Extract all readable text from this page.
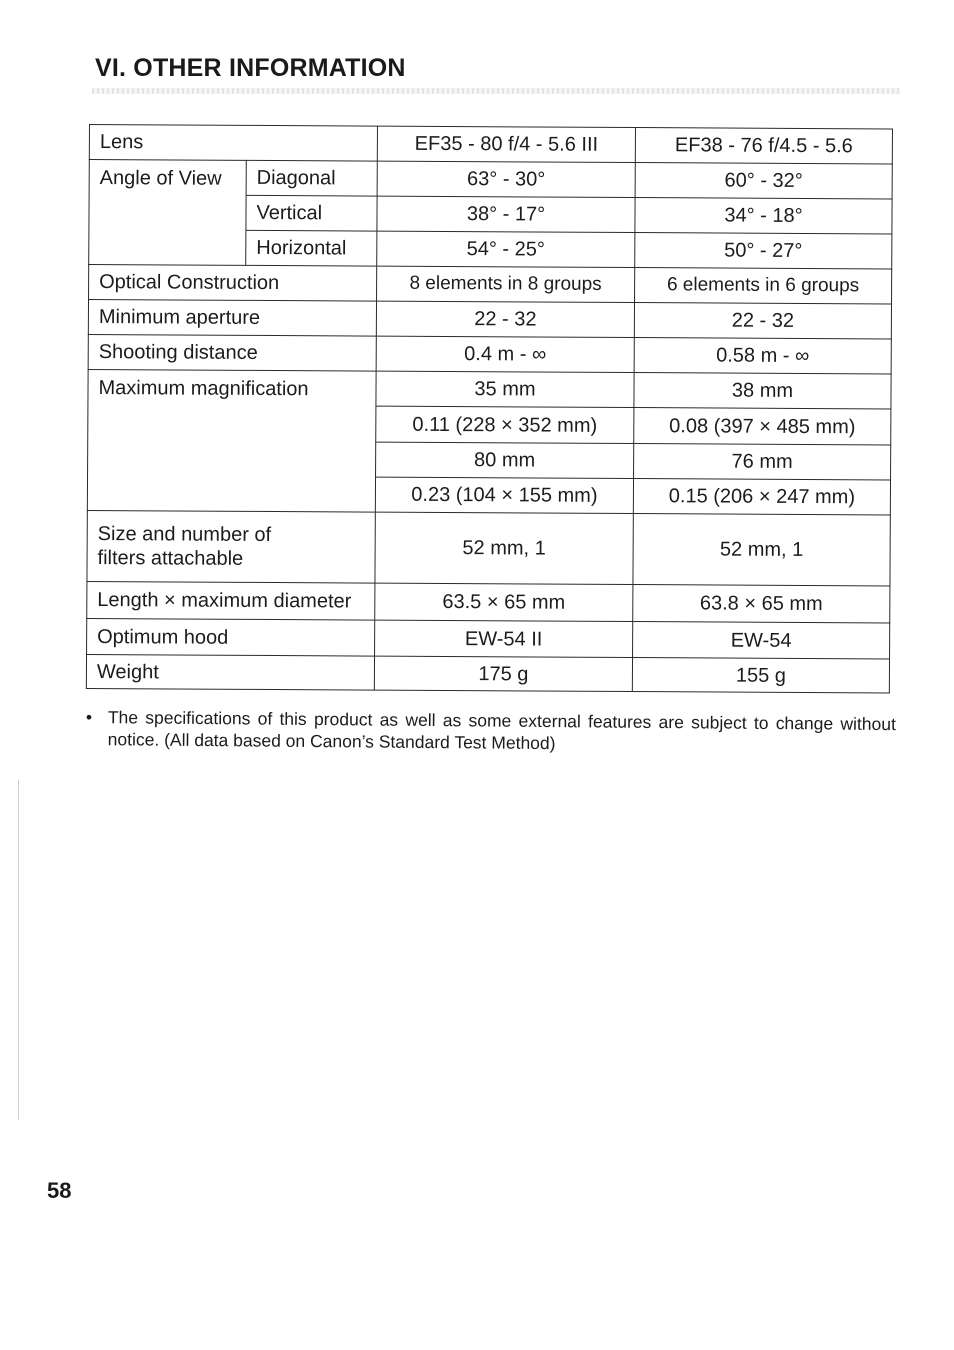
VI. OTHER INFORMATION
Lens		EF35 - 80 f/4 - 5.6 III	EF38 - 76 f/4.5 - 5.6
Angle of View	Diagonal	63° - 30°	60° - 32°
	Vertical	38° - 17°	34° - 18°
	Horizontal	54° - 25°	50° - 27°
Optical Construction		8 elements in 8 groups	6 elements in 6 groups
Minimum aperture		22 - 32	22 - 32
Shooting distance		0.4 m - ∞	0.58 m - ∞
Maximum magnification		35 mm	38 mm
		0.11 (228 × 352 mm)	0.08 (397 × 485 mm)
		80 mm	76 mm
		0.23 (104 × 155 mm)	0.15 (206 × 247 mm)
Size and number of
filters attachable		52 mm, 1	52 mm, 1
Length × maximum diameter		63.5 × 65 mm	63.8 × 65 mm
Optimum hood		EW-54 II	EW-54
Weight		175 g	155 g
• The specifications of this product as well as some external features are subject to change without notice. (All data based on Canon’s Standard Test Method)
58
